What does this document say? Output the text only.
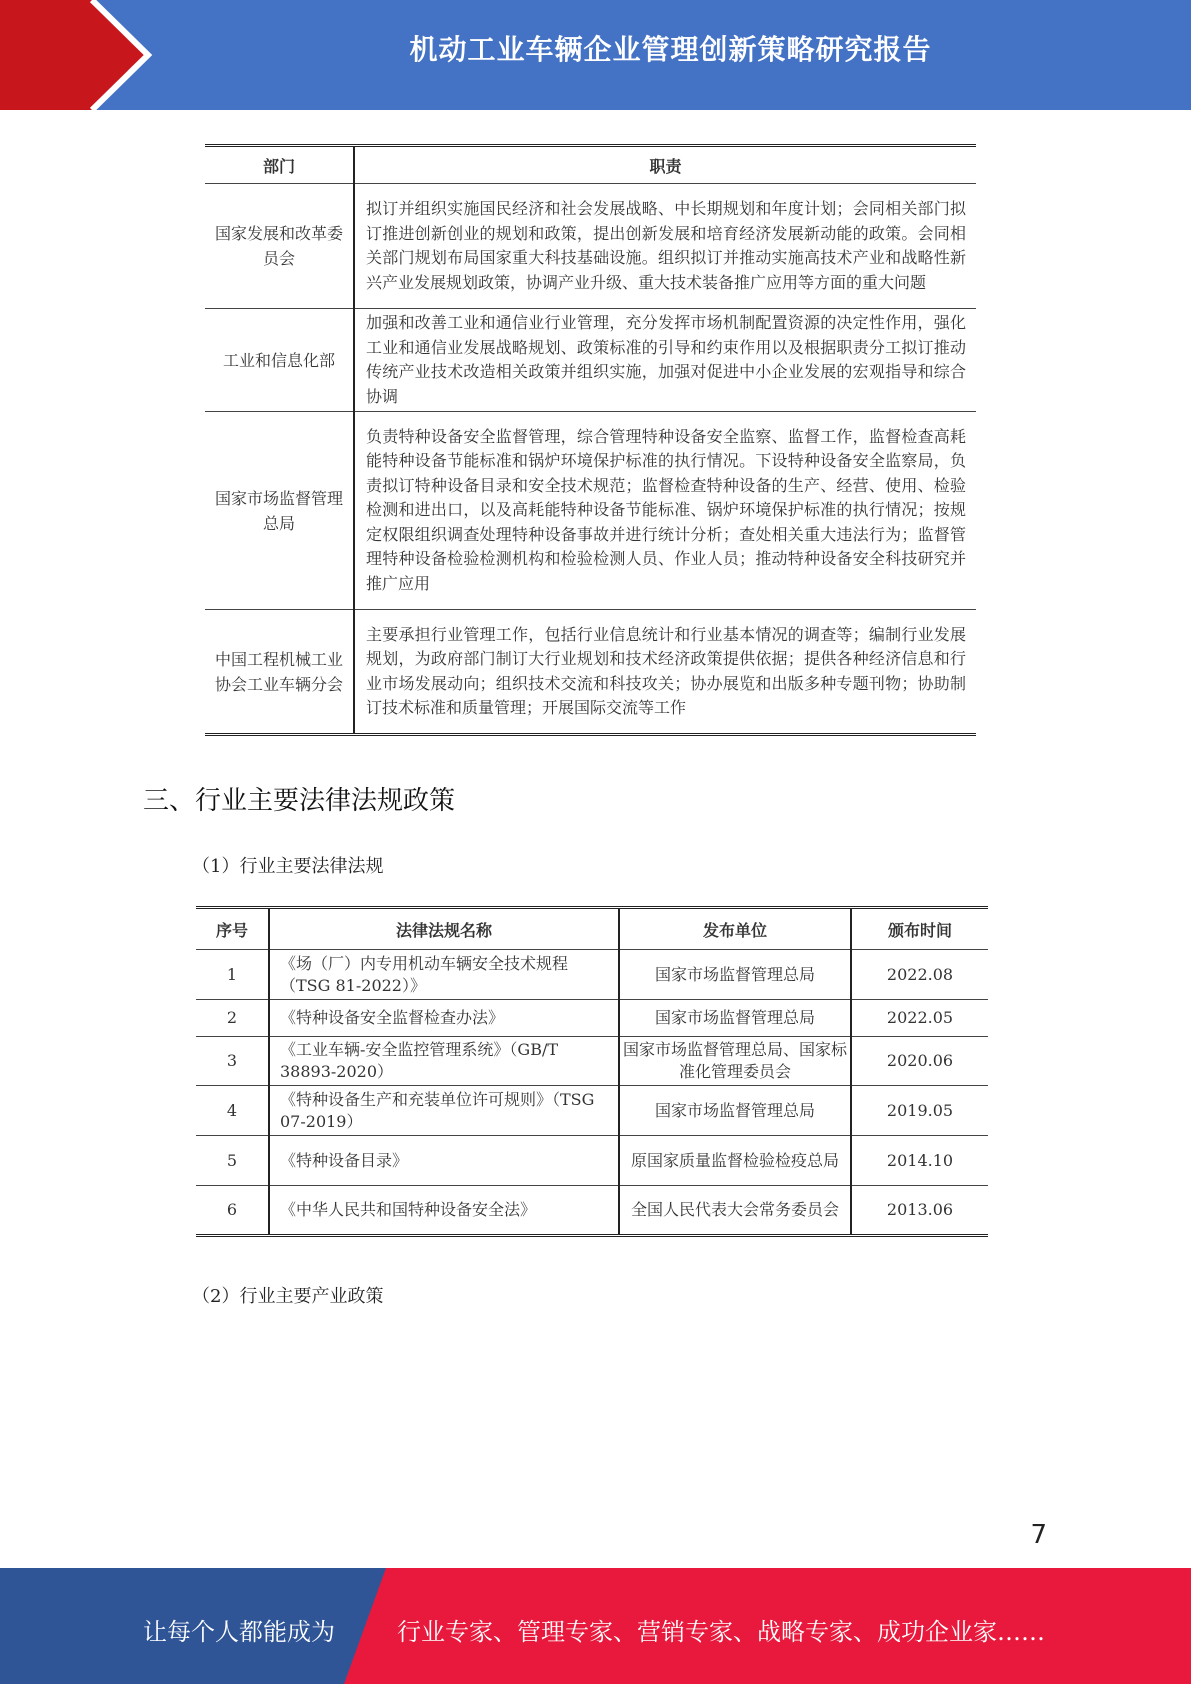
机动工业车辆企业管理创新策略研究报告
部门	职责
国家发展和改革委员会	拟订并组织实施国民经济和社会发展战略、中长期规划和年度计划；会同相关部门拟订推进创新创业的规划和政策，提出创新发展和培育经济发展新动能的政策。会同相关部门规划布局国家重大科技基础设施。组织拟订并推动实施高技术产业和战略性新兴产业发展规划政策，协调产业升级、重大技术装备推广应用等方面的重大问题
工业和信息化部	加强和改善工业和通信业行业管理，充分发挥市场机制配置资源的决定性作用，强化工业和通信业发展战略规划、政策标准的引导和约束作用以及根据职责分工拟订推动传统产业技术改造相关政策并组织实施，加强对促进中小企业发展的宏观指导和综合协调
国家市场监督管理总局	负责特种设备安全监督管理，综合管理特种设备安全监察、监督工作，监督检查高耗能特种设备节能标准和锅炉环境保护标准的执行情况。下设特种设备安全监察局，负责拟订特种设备目录和安全技术规范；监督检查特种设备的生产、经营、使用、检验检测和进出口，以及高耗能特种设备节能标准、锅炉环境保护标准的执行情况；按规定权限组织调查处理特种设备事故并进行统计分析；查处相关重大违法行为；监督管理特种设备检验检测机构和检验检测人员、作业人员；推动特种设备安全科技研究并推广应用
中国工程机械工业协会工业车辆分会	主要承担行业管理工作，包括行业信息统计和行业基本情况的调查等；编制行业发展规划，为政府部门制订大行业规划和技术经济政策提供依据；提供各种经济信息和行业市场发展动向；组织技术交流和科技攻关；协办展览和出版多种专题刊物；协助制订技术标准和质量管理；开展国际交流等工作
三、行业主要法律法规政策
（1）行业主要法律法规
序号	法律法规名称	发布单位	颁布时间
1	《场（厂）内专用机动车辆安全技术规程（TSG 81-2022）》	国家市场监督管理总局	2022.08
2	《特种设备安全监督检查办法》	国家市场监督管理总局	2022.05
3	《工业车辆-安全监控管理系统》（GB/T 38893-2020）	国家市场监督管理总局、国家标准化管理委员会	2020.06
4	《特种设备生产和充装单位许可规则》（TSG 07-2019）	国家市场监督管理总局	2019.05
5	《特种设备目录》	原国家质量监督检验检疫总局	2014.10
6	《中华人民共和国特种设备安全法》	全国人民代表大会常务委员会	2013.06
（2）行业主要产业政策
7
让每个人都能成为	行业专家、管理专家、营销专家、战略专家、成功企业家……
